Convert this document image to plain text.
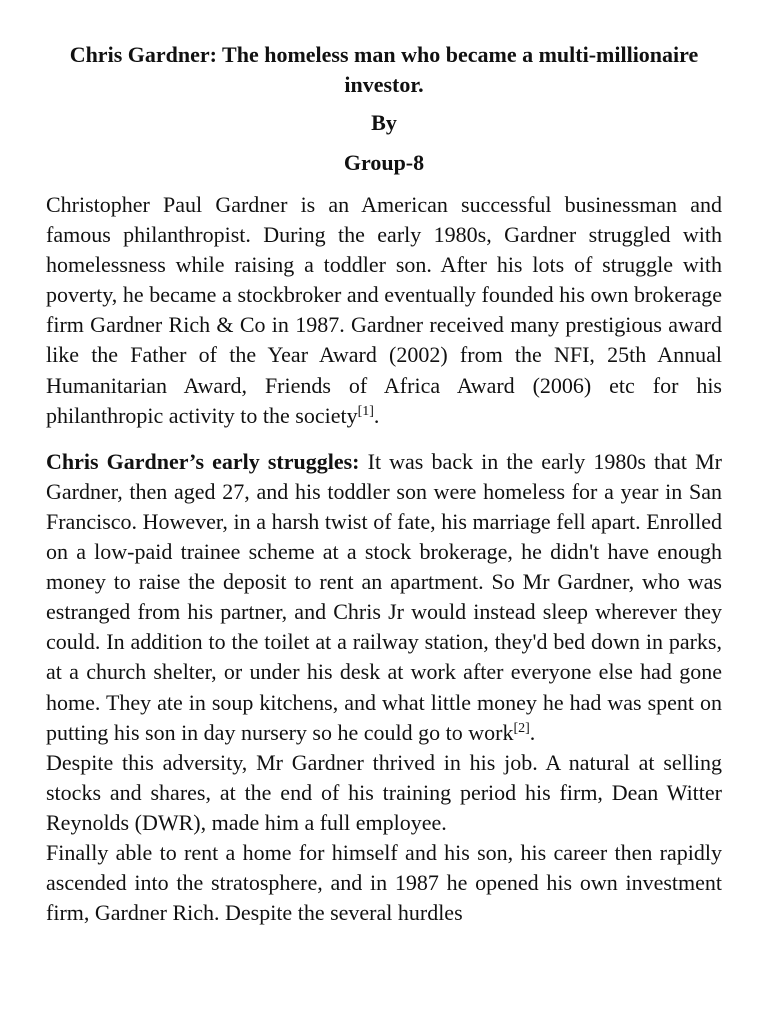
Chris Gardner: The homeless man who became a multi-millionaire investor.
By
Group-8

Christopher Paul Gardner is an American successful businessman and famous philanthropist. During the early 1980s, Gardner struggled with homelessness while raising a toddler son. After his lots of struggle with poverty, he became a stockbroker and eventually founded his own brokerage firm Gardner Rich & Co in 1987. Gardner received many prestigious award like the Father of the Year Award (2002) from the NFI, 25th Annual Humanitarian Award, Friends of Africa Award (2006) etc for his philanthropic activity to the society[1].

Chris Gardner’s early struggles: It was back in the early 1980s that Mr Gardner, then aged 27, and his toddler son were homeless for a year in San Francisco. However, in a harsh twist of fate, his marriage fell apart. Enrolled on a low-paid trainee scheme at a stock brokerage, he didn't have enough money to raise the deposit to rent an apartment. So Mr Gardner, who was estranged from his partner, and Chris Jr would instead sleep wherever they could. In addition to the toilet at a railway station, they'd bed down in parks, at a church shelter, or under his desk at work after everyone else had gone home. They ate in soup kitchens, and what little money he had was spent on putting his son in day nursery so he could go to work[2].

Despite this adversity, Mr Gardner thrived in his job. A natural at selling stocks and shares, at the end of his training period his firm, Dean Witter Reynolds (DWR), made him a full employee.

Finally able to rent a home for himself and his son, his career then rapidly ascended into the stratosphere, and in 1987 he opened his own investment firm, Gardner Rich. Despite the several hurdles
